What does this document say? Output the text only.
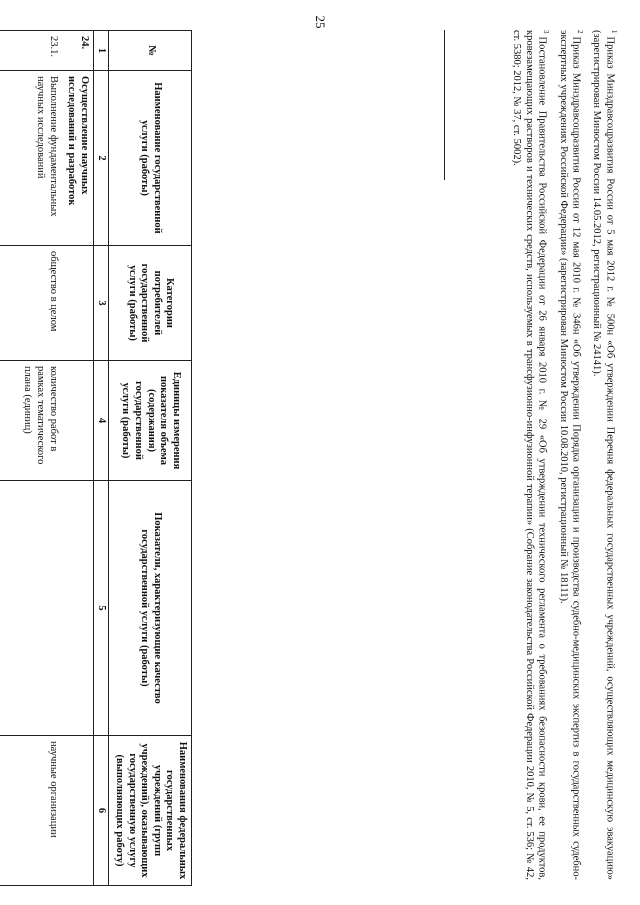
25
$^1$Приказ Минздравсоцразвития России от 5 мая 2012 г. № 500н «Об утверждении Перечня федеральных государственных учреждений, осуществляющих медицинскую эвакуацию» (зарегистрирован Минюстом России 14.05.2012, регистрационный № 24141).
$^2$Приказ Минздравсоцразвития России от 12 мая 2010 г. № 346н «Об утверждении Порядка организации и производства судебно-медицинских экспертиз в государственных судебно-экспертных учреждениях Российской Федерации» (зарегистрирован Минюстом России 10.08.2010, регистрационный № 18111).
$^3$Постановление Правительства Российской Федерации от 26 января 2010 г. № 29 «Об утверждении технического регламента о требованиях безопасности крови, ее продуктов, кровезамещающих растворов и технических средств, используемых в трансфузионно-инфузионной терапии» (Собрание законодательства Российской Федерации 2010, № 5, ст. 536; № 42, ст. 5380; 2012, № 37, ст. 5002).
№	Наименование государственной услуги (работы)	Категории потребителей государственной услуги (работы)	Единицы измерения показателя объема (содержания) государственной услуги (работы)	Показатели, характеризующие качество государственной услуги (работы)	Наименования федеральных государственных учреждений (групп учреждений), оказывающих государственную услугу (выполняющих работу)
1	2	3	4	5	6
24.	Осуществление научных исследований и разработок				
23.1.	Выполнение фундаментальных научных исследований	общество в целом	количество работ в рамках тематического плана (единиц)		научные организации
